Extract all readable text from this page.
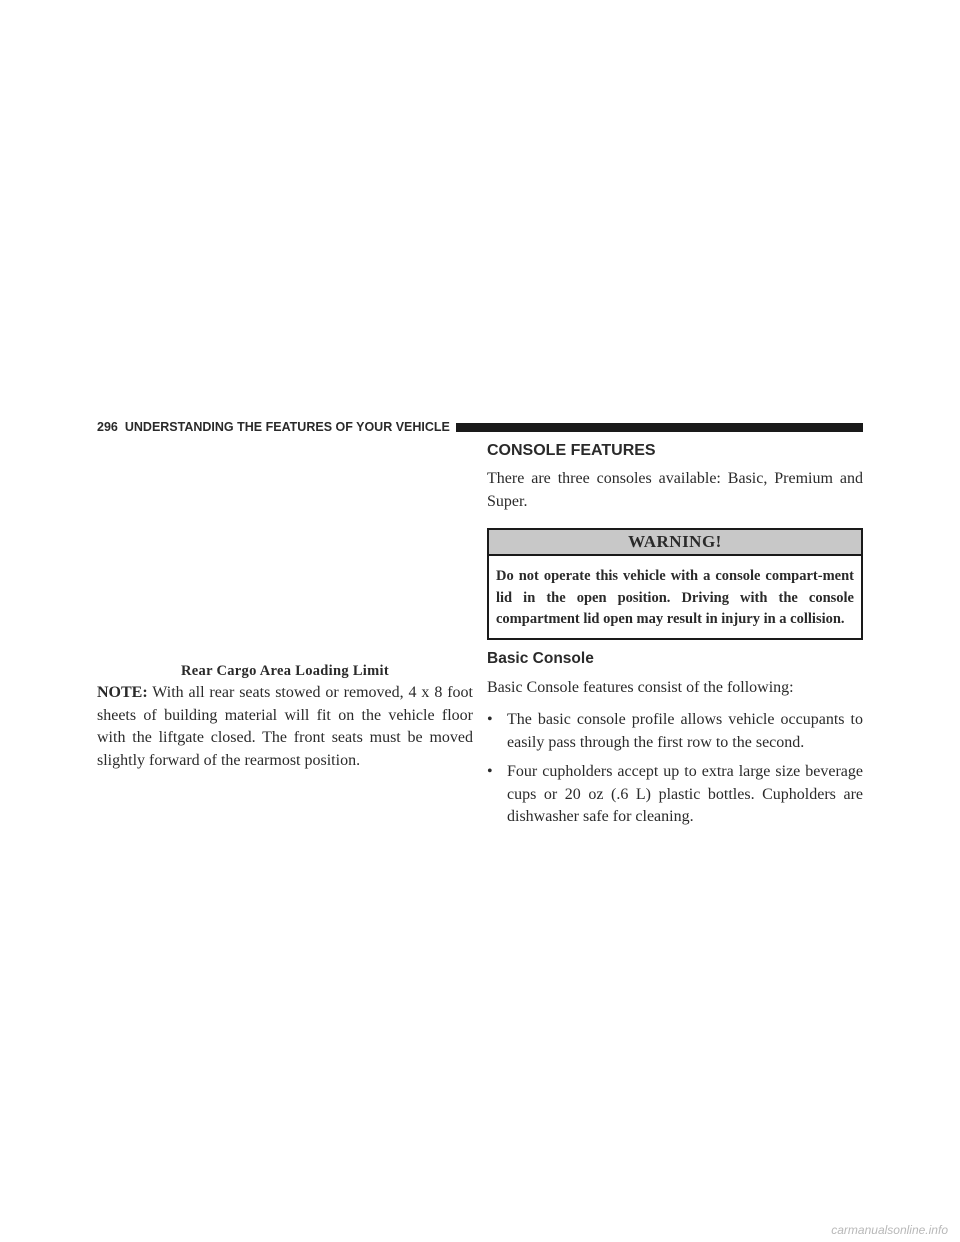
296 UNDERSTANDING THE FEATURES OF YOUR VEHICLE
Rear Cargo Area Loading Limit

NOTE: With all rear seats stowed or removed, 4 x 8 foot sheets of building material will fit on the vehicle floor with the liftgate closed. The front seats must be moved slightly forward of the rearmost position.

CONSOLE FEATURES

There are three consoles available: Basic, Premium and Super.

WARNING!
Do not operate this vehicle with a console compart-ment lid in the open position. Driving with the console compartment lid open may result in injury in a collision.
Basic Console

Basic Console features consist of the following:

• The basic console profile allows vehicle occupants to easily pass through the first row to the second.
• Four cupholders accept up to extra large size beverage cups or 20 oz (.6 L) plastic bottles. Cupholders are dishwasher safe for cleaning.
carmanualsonline.info
